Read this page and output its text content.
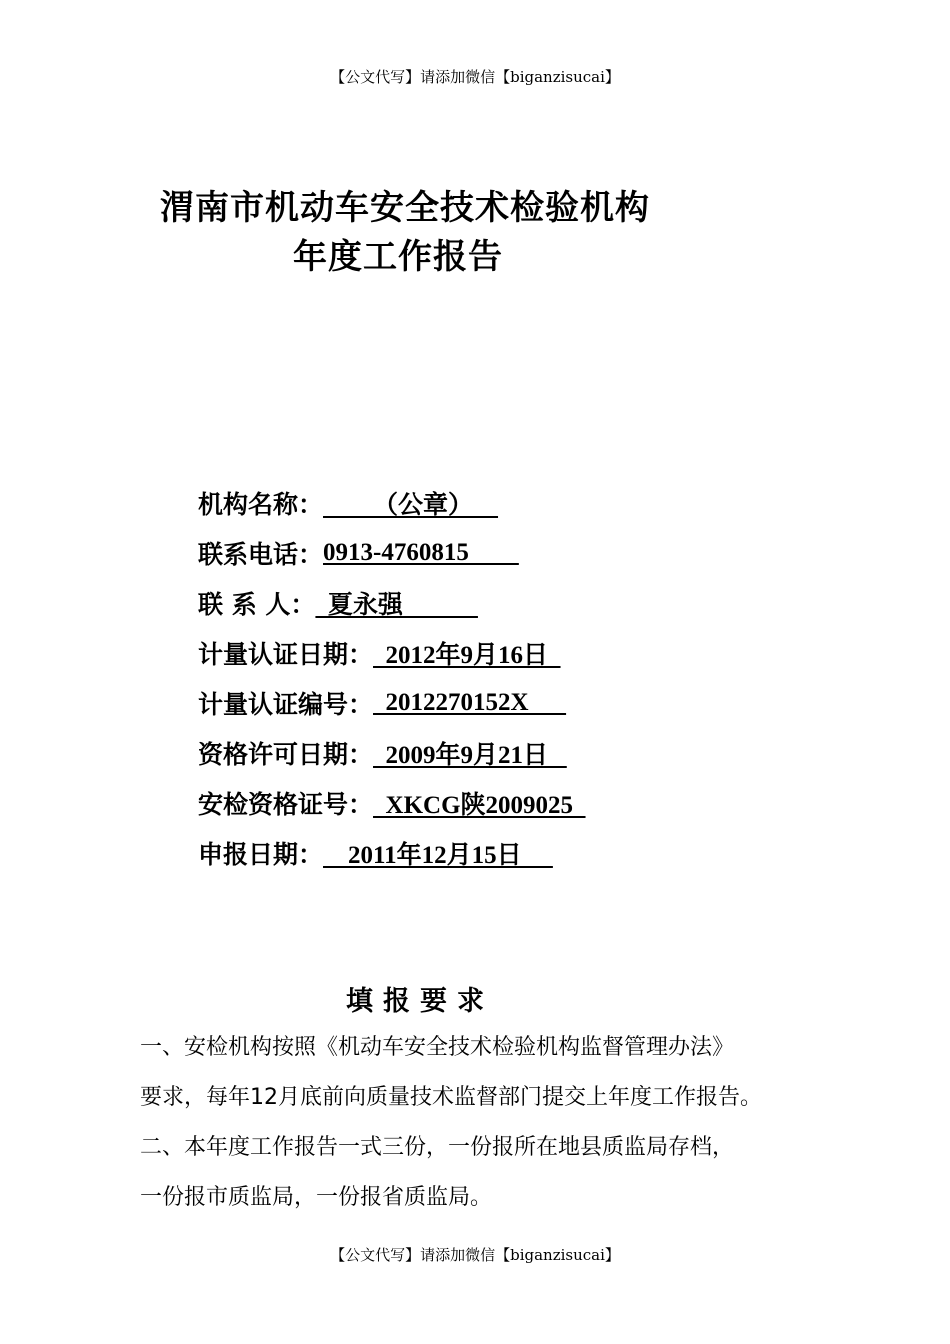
【公文代写】请添加微信【biganzisucai】
渭南市机动车安全技术检验机构
年度工作报告
机构名称： （公章）
联系电话： 0913-4760815
联 系 人： 夏永强
计量认证日期： 2012年9月16日
计量认证编号： 2012270152X
资格许可日期： 2009年9月21日
安检资格证号： XKCG陕2009025
申报日期： 2011年12月15日
填报要求
一、安检机构按照《机动车安全技术检验机构监督管理办法》
要求，每年12月底前向质量技术监督部门提交上年度工作报告。
二、本年度工作报告一式三份，一份报所在地县质监局存档，
一份报市质监局，一份报省质监局。
【公文代写】请添加微信【biganzisucai】
